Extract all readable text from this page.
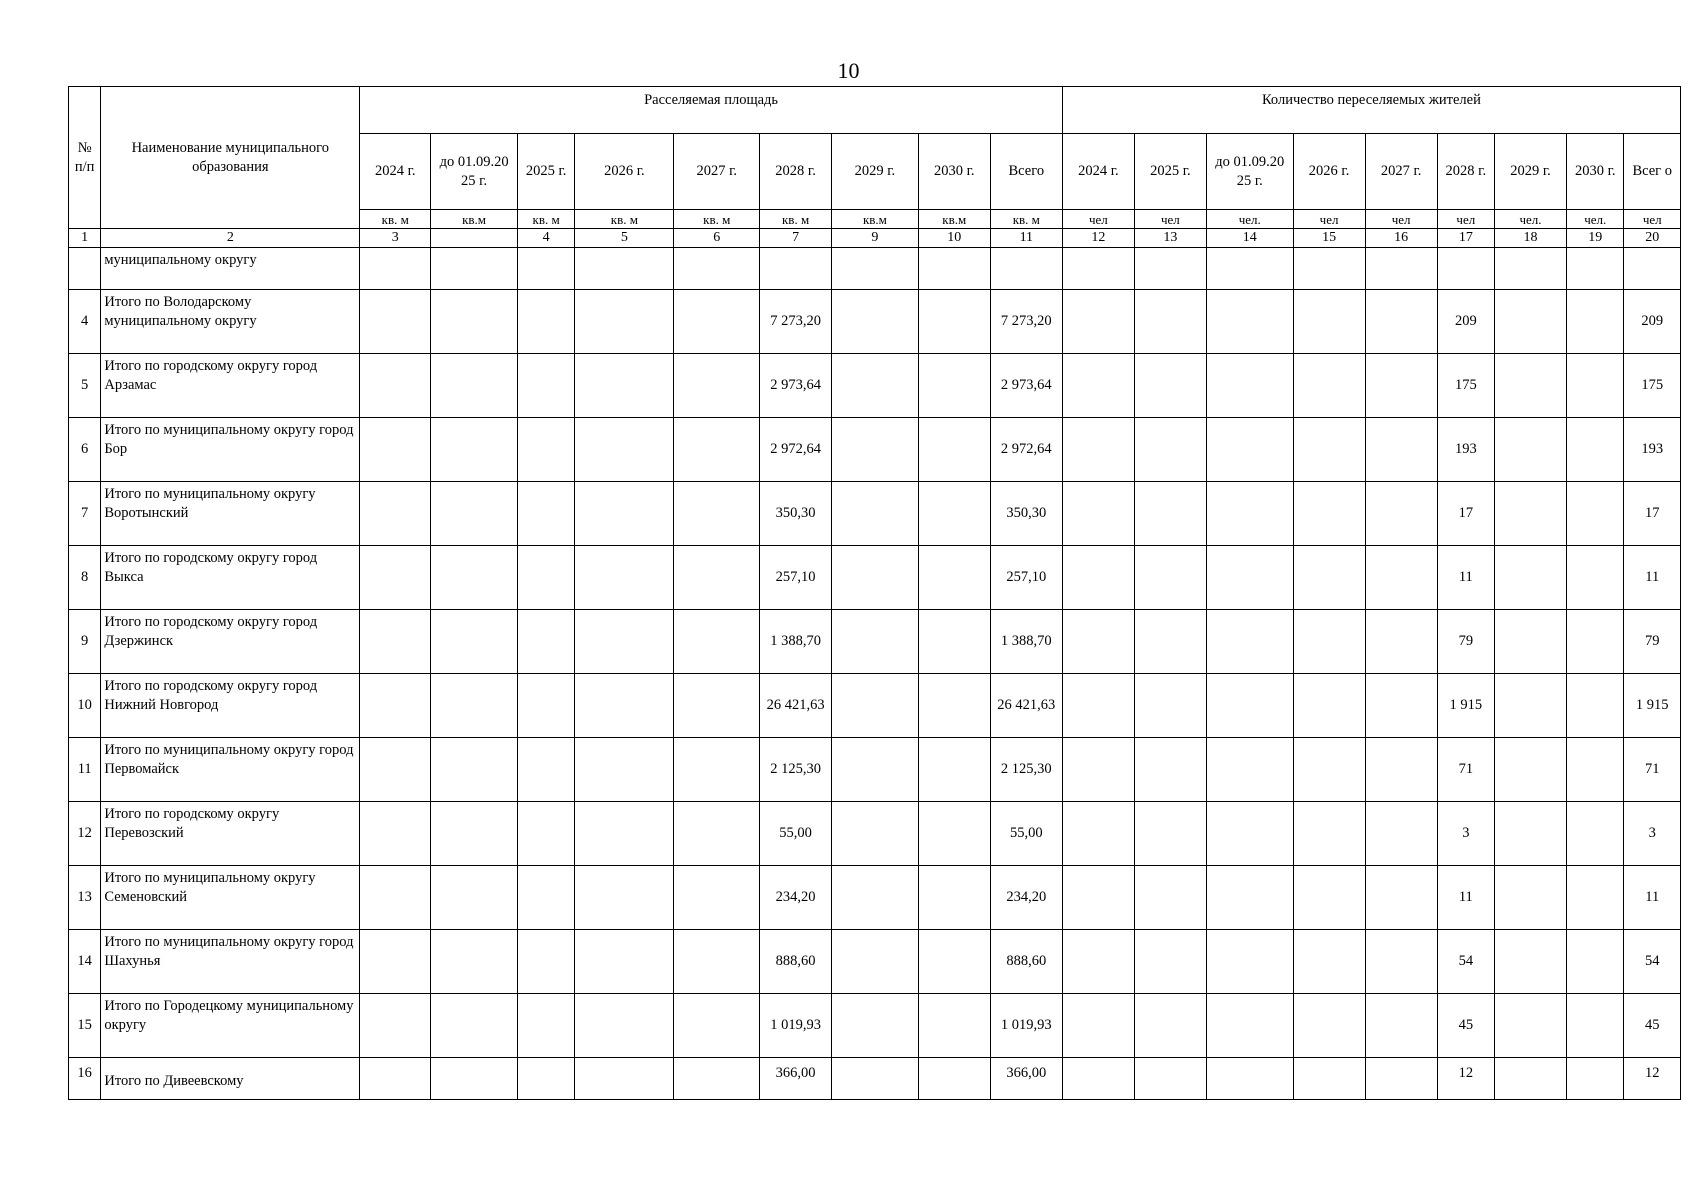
10
№ п/п	Наименование муниципального образования	Расселяемая площадь									Количество переселяемых жителей								
		2024 г.	до 01.09.20 25 г.	2025 г.	2026 г.	2027 г.	2028 г.	2029 г.	2030 г.	Всего	2024 г.	2025 г.	до 01.09.20 25 г.	2026 г.	2027 г.	2028 г.	2029 г.	2030 г.	Всег о
		кв. м	кв.м	кв. м	кв. м	кв. м	кв. м	кв.м	кв.м	кв. м	чел	чел	чел.	чел	чел	чел	чел.	чел.	чел
1	2	3		4	5	6	7	9	10	11	12	13	14	15	16	17	18	19	20
	муниципальному округу																		
4	Итого по Володарскому муниципальному округу						7 273,20			7 273,20						209			209
5	Итого по городскому округу город Арзамас						2 973,64			2 973,64						175			175
6	Итого по муниципальному округу город Бор						2 972,64			2 972,64						193			193
7	Итого по муниципальному округу Воротынский						350,30			350,30						17			17
8	Итого по городскому округу город Выкса						257,10			257,10						11			11
9	Итого по городскому округу город Дзержинск						1 388,70			1 388,70						79			79
10	Итого по городскому округу город Нижний Новгород						26 421,63			26 421,63						1 915			1 915
11	Итого по муниципальному округу город Первомайск						2 125,30			2 125,30						71			71
12	Итого по городскому округу Перевозский						55,00			55,00						3			3
13	Итого по муниципальному округу Семеновский						234,20			234,20						11			11
14	Итого по муниципальному округу город Шахунья						888,60			888,60						54			54
15	Итого по Городецкому муниципальному округу						1 019,93			1 019,93						45			45
16	Итого по Дивеевскому						366,00			366,00						12			12
